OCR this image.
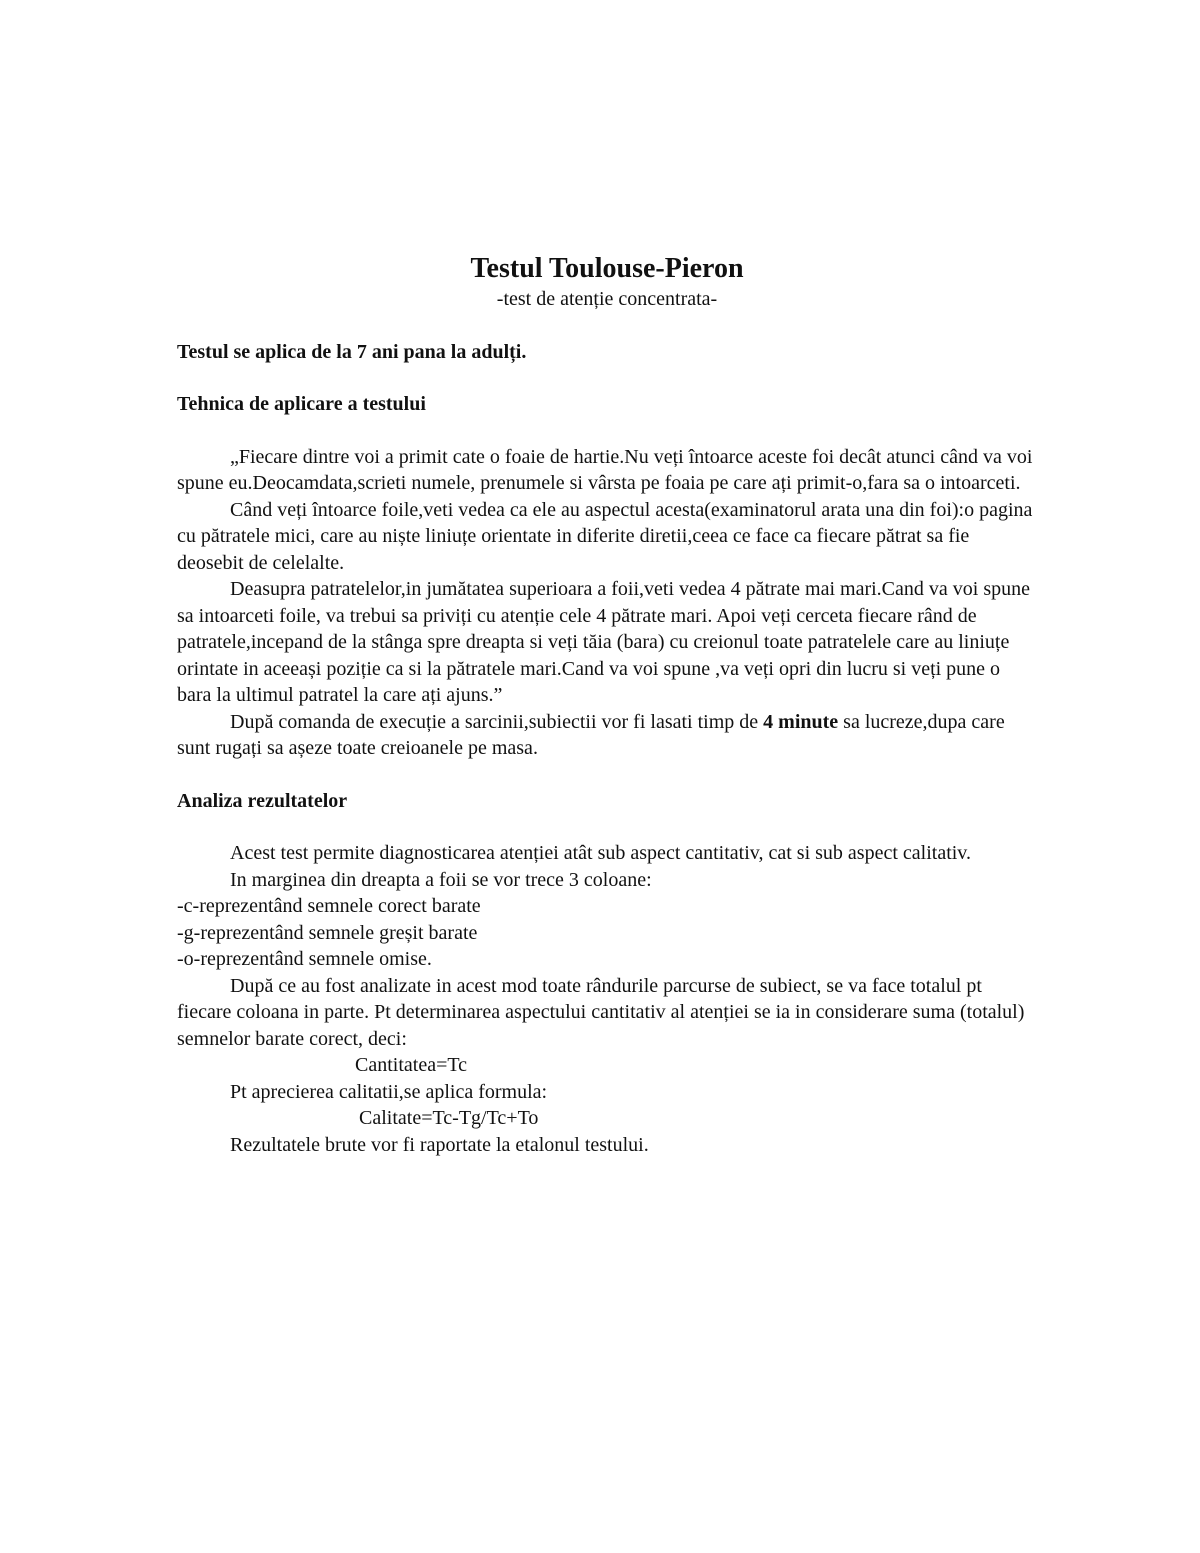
Testul Toulouse-Pieron

-test de atenție concentrata-

Testul se aplica de la 7 ani pana la adulți.

Tehnica de aplicare a testului

„Fiecare dintre voi a primit cate o foaie de hartie.Nu veți întoarce aceste foi decât atunci când va voi spune eu.Deocamdata,scrieti numele, prenumele si vârsta pe foaia pe care ați primit-o,fara sa o intoarceti.

Când veți întoarce foile,veti vedea ca ele au aspectul acesta(examinatorul arata una din foi):o pagina cu pătratele mici, care au niște liniuțe orientate in diferite diretii,ceea ce face ca fiecare pătrat sa fie deosebit de celelalte.

Deasupra patratelelor,in jumătatea superioara a foii,veti vedea 4 pătrate mai mari.Cand va voi spune sa intoarceti foile, va trebui sa priviți cu atenție cele 4 pătrate mari. Apoi veți cerceta fiecare rând de patratele,incepand de la stânga spre dreapta si veți tăia (bara) cu creionul toate patratelele care au liniuțe orintate in aceeași poziție ca si la pătratele mari.Cand va voi spune ,va veți opri din lucru si veți pune o bara la ultimul patratel la care ați ajuns.”

După comanda de execuție a sarcinii,subiectii vor fi lasati timp de 4 minute sa lucreze,dupa care sunt rugați sa așeze toate creioanele pe masa.

Analiza rezultatelor

Acest test permite diagnosticarea atenției atât sub aspect cantitativ, cat si sub aspect calitativ.

In marginea din dreapta a foii se vor trece 3 coloane:

-c-reprezentând semnele corect barate

-g-reprezentând semnele greșit barate

-o-reprezentând semnele omise.

După ce au fost analizate in acest mod toate rândurile parcurse de subiect, se va face totalul pt fiecare coloana in parte. Pt determinarea aspectului cantitativ al atenției se ia in considerare suma (totalul) semnelor barate corect, deci:

Cantitatea=Tc

Pt aprecierea calitatii,se aplica formula:

Calitate=Tc-Tg/Tc+To

Rezultatele brute vor fi raportate la etalonul testului.
